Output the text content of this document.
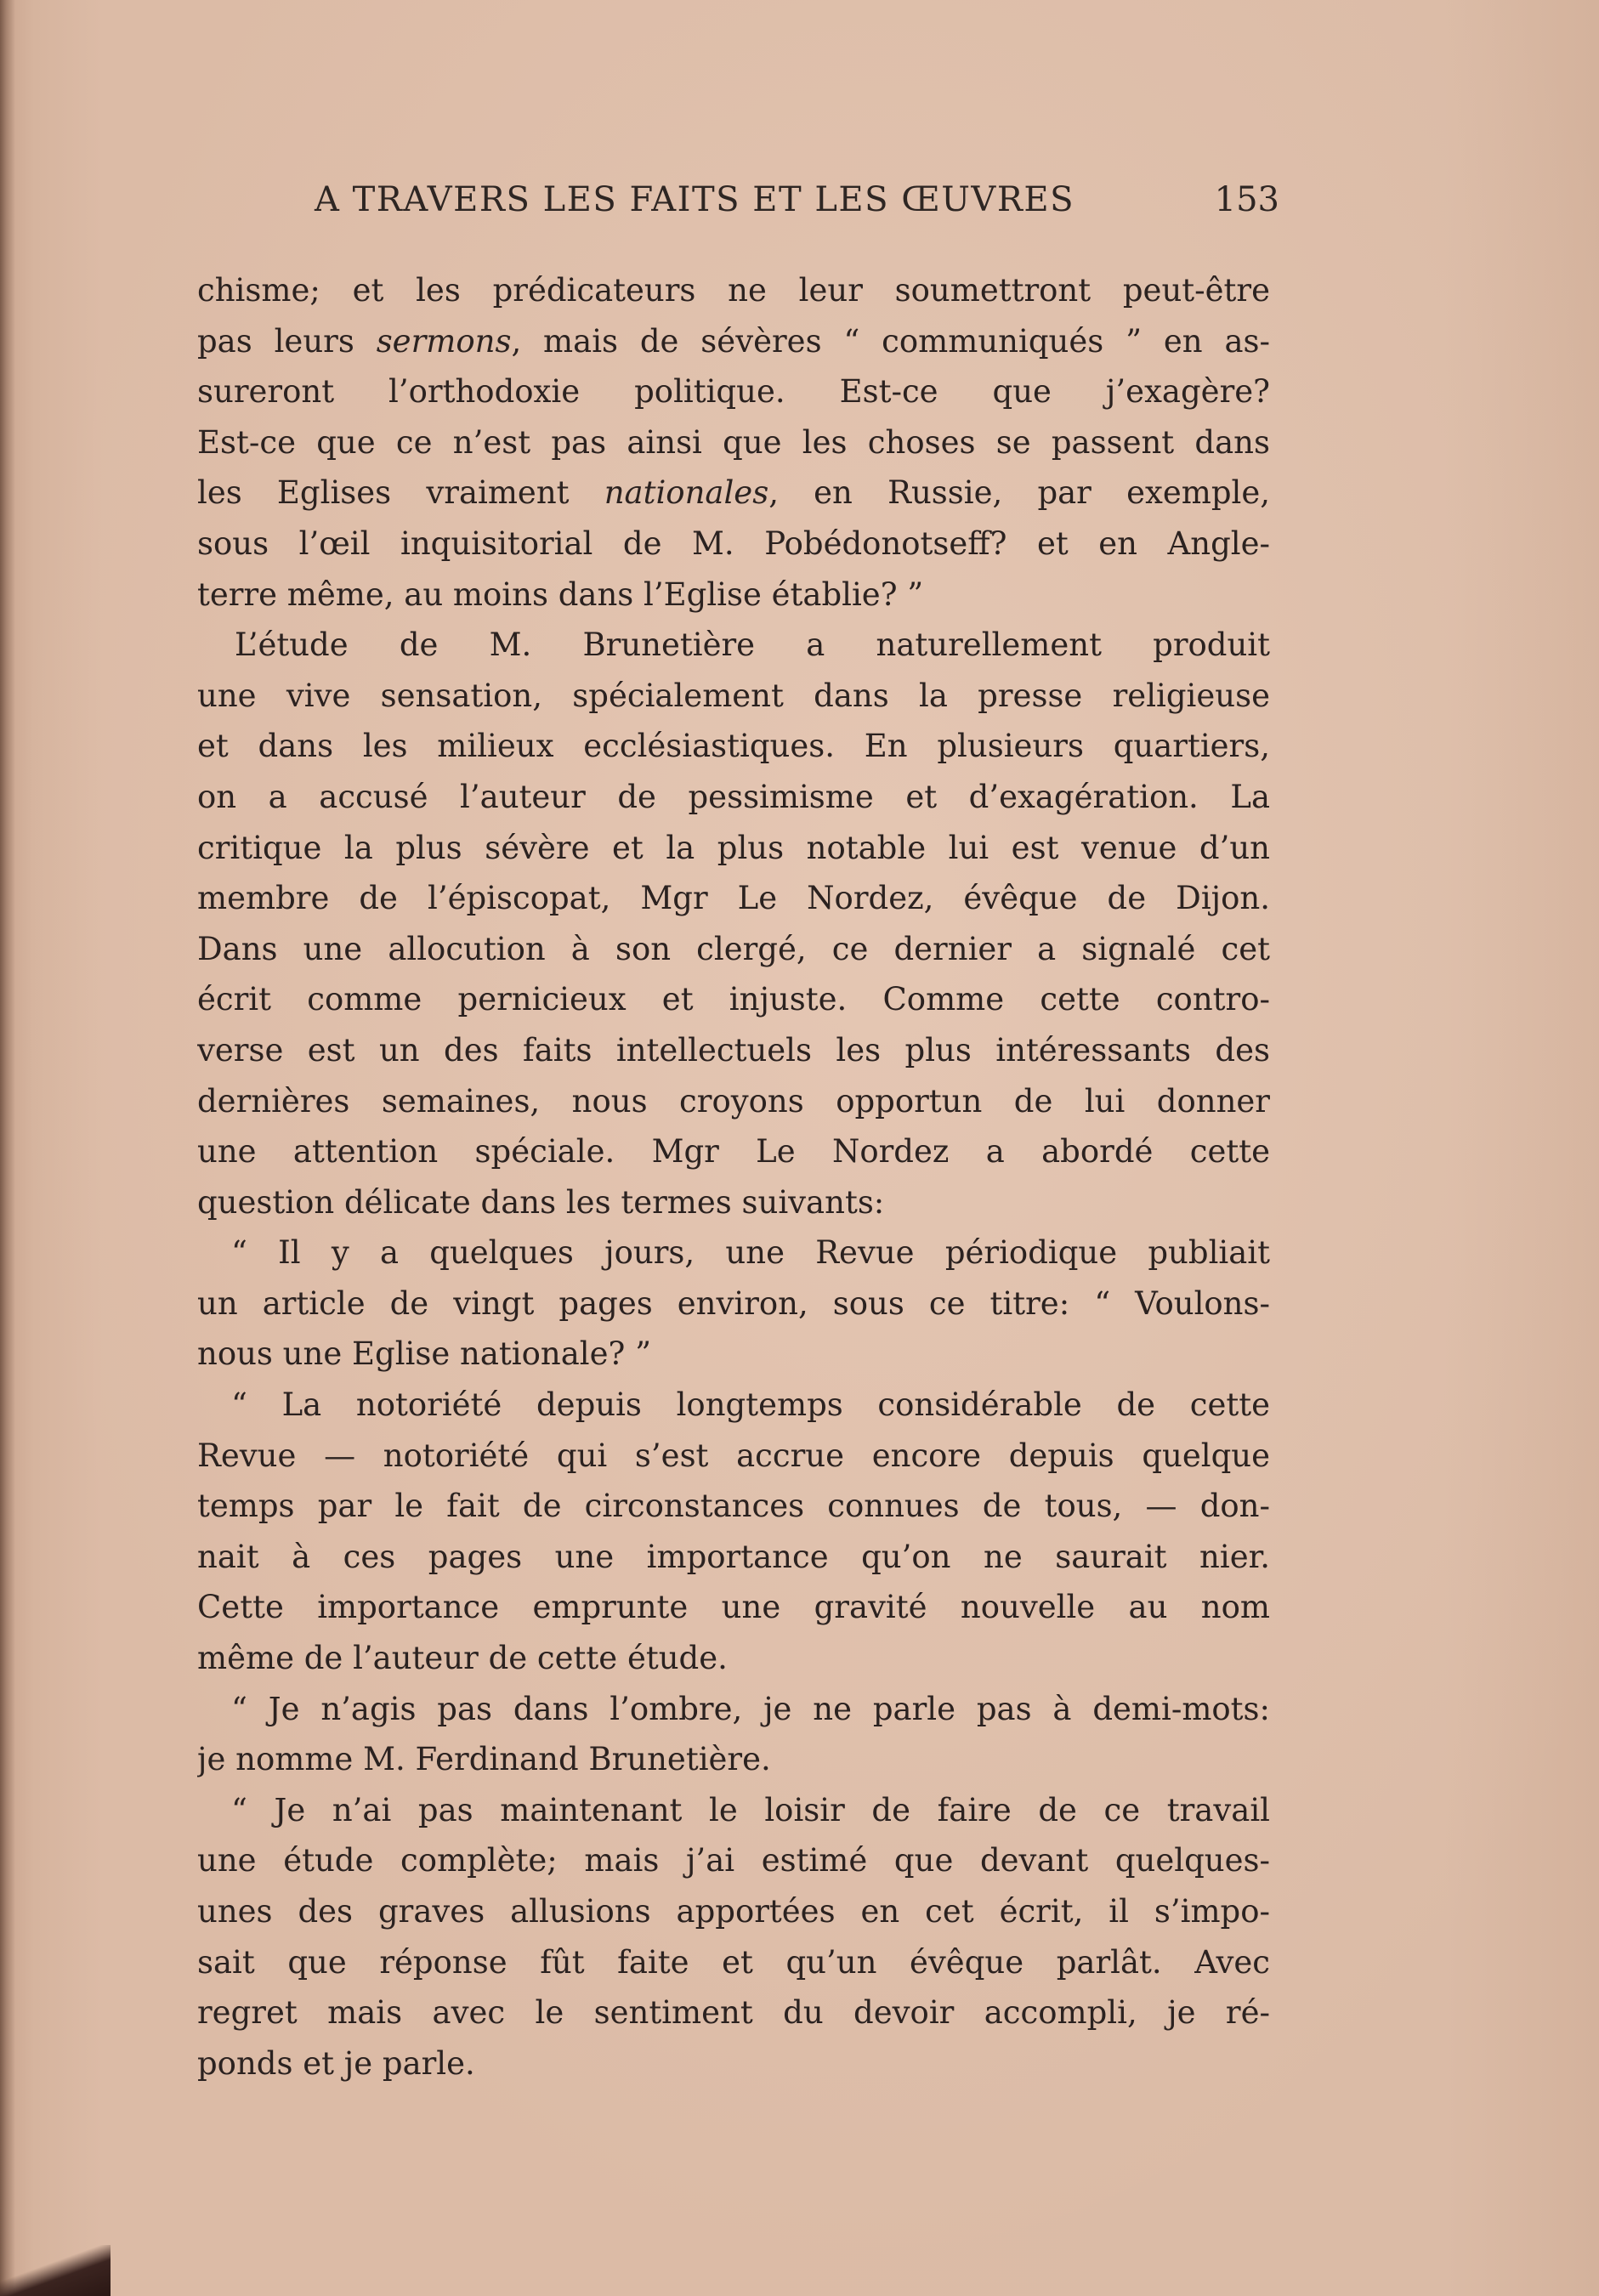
A TRAVERS LES FAITS ET LES ŒUVRES	153
chisme; et les prédicateurs ne leur soumettront peut-être
pas leurs sermons, mais de sévères “ communiqués ” en as-
sureront l’orthodoxie politique. Est-ce que j’exagère?
Est-ce que ce n’est pas ainsi que les choses se passent dans
les Eglises vraiment nationales, en Russie, par exemple,
sous l’œil inquisitorial de M. Pobédonotseff? et en Angle-
terre même, au moins dans l’Eglise établie? ”
L’étude de M. Brunetière a naturellement produit
une vive sensation, spécialement dans la presse religieuse
et dans les milieux ecclésiastiques. En plusieurs quartiers,
on a accusé l’auteur de pessimisme et d’exagération. La
critique la plus sévère et la plus notable lui est venue d’un
membre de l’épiscopat, Mgr Le Nordez, évêque de Dijon.
Dans une allocution à son clergé, ce dernier a signalé cet
écrit comme pernicieux et injuste. Comme cette contro-
verse est un des faits intellectuels les plus intéressants des
dernières semaines, nous croyons opportun de lui donner
une attention spéciale. Mgr Le Nordez a abordé cette
question délicate dans les termes suivants:
“ Il y a quelques jours, une Revue périodique publiait
un article de vingt pages environ, sous ce titre: “ Voulons-
nous une Eglise nationale? ”
“ La notoriété depuis longtemps considérable de cette
Revue — notoriété qui s’est accrue encore depuis quelque
temps par le fait de circonstances connues de tous, — don-
nait à ces pages une importance qu’on ne saurait nier.
Cette importance emprunte une gravité nouvelle au nom
même de l’auteur de cette étude.
“ Je n’agis pas dans l’ombre, je ne parle pas à demi-mots:
je nomme M. Ferdinand Brunetière.
“ Je n’ai pas maintenant le loisir de faire de ce travail
une étude complète; mais j’ai estimé que devant quelques-
unes des graves allusions apportées en cet écrit, il s’impo-
sait que réponse fût faite et qu’un évêque parlât. Avec
regret mais avec le sentiment du devoir accompli, je ré-
ponds et je parle.
